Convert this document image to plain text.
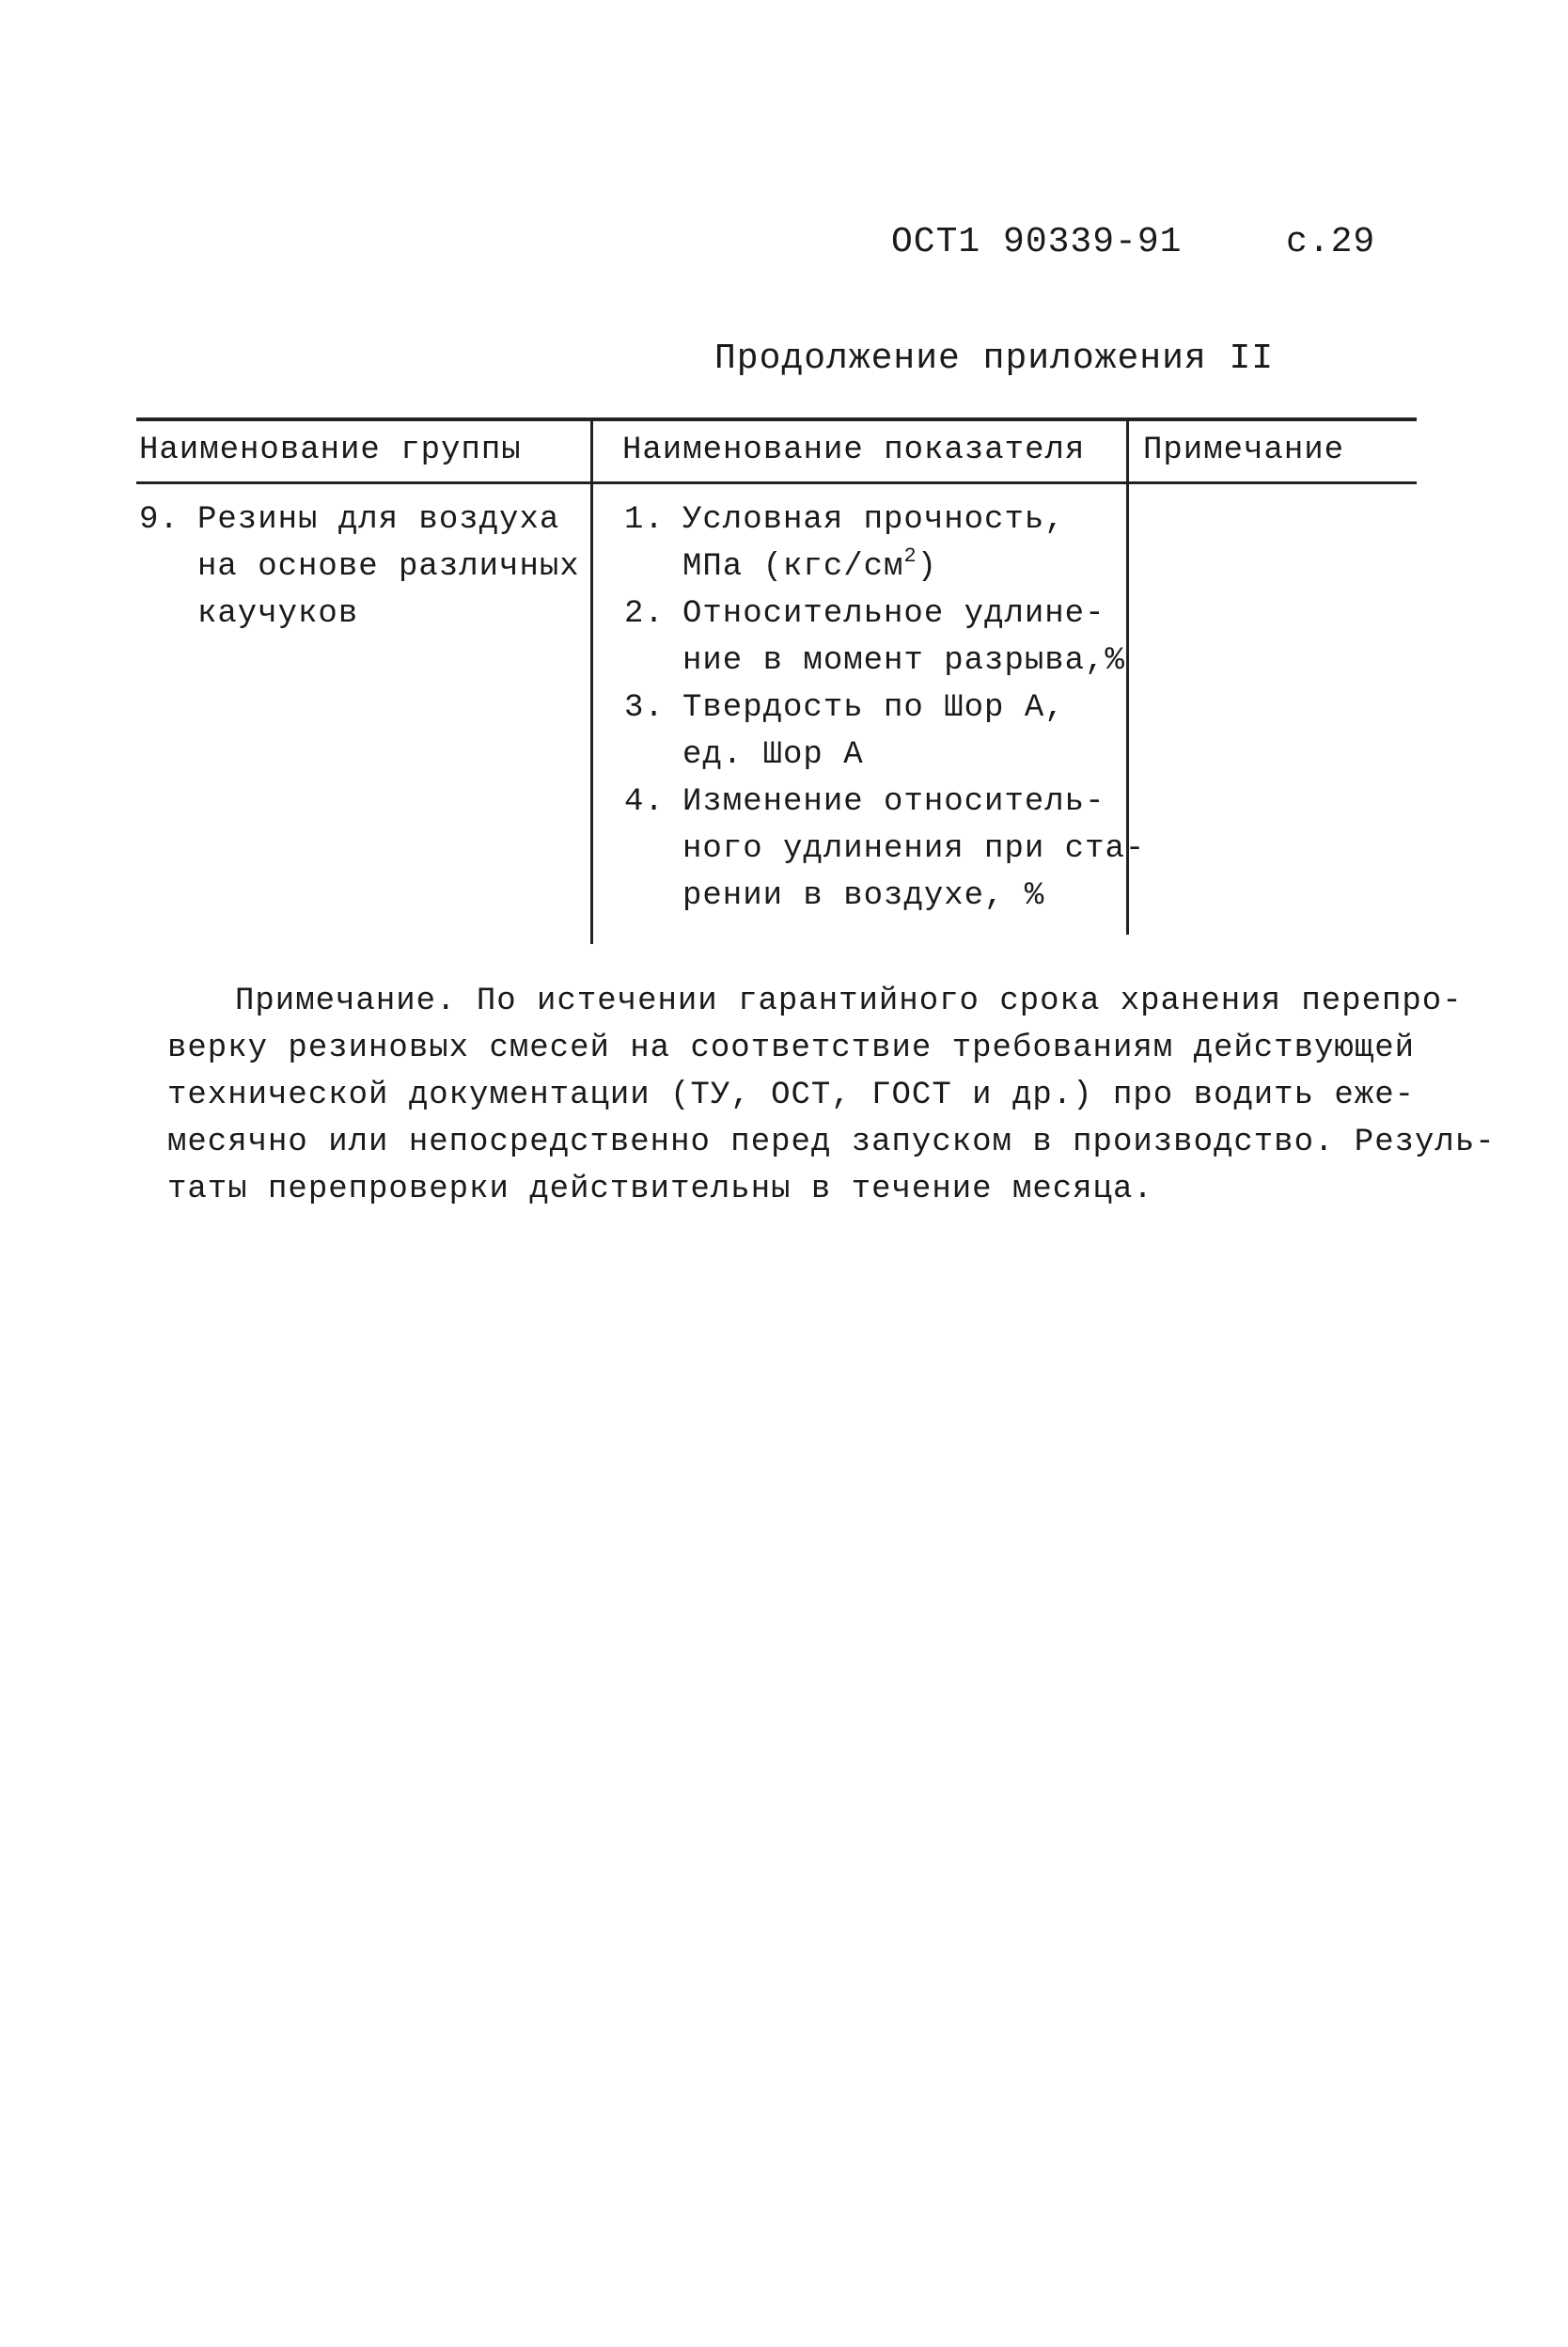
ОСТ1 90339-91	с.29
Продолжение приложения II
Наименование группы	Наименование показателя Примечание
9. Резины для воздуха
на основе различных
каучуков
1. Условная прочность,
МПа $(кгс/см^2)$
2. Относительное удлине-
ние в момент разрыва,%
3. Твердость по Шор А,
ед. Шор А
4. Изменение относитель-
ного удлинения при ста-
рении в воздухе, %
Примечание. По истечении гарантийного срока хранения перепро-
верку резиновых смесей на соответствие требованиям действующей
технической документации (ТУ, ОСТ, ГОСТ и др.) про водить еже-
месячно или непосредственно перед запуском в производство. Резуль-
таты перепроверки действительны в течение месяца.
